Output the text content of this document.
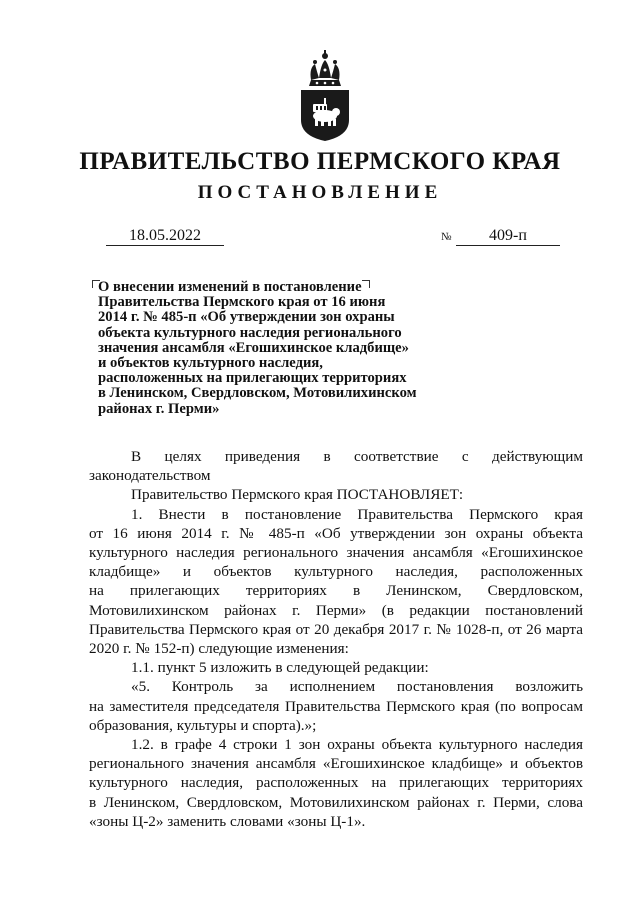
ПРАВИТЕЛЬСТВО ПЕРМСКОГО КРАЯ
ПОСТАНОВЛЕНИЕ
18.05.2022	№	409-п
О внесении изменений в постановление
Правительства Пермского края от 16 июня
2014 г. № 485-п «Об утверждении зон охраны
объекта культурного наследия регионального
значения ансамбля «Егошихинское кладбище»
и объектов культурного наследия,
расположенных на прилегающих территориях
в Ленинском, Свердловском, Мотовилихинском
районах г. Перми»
В целях приведения в соответствие с действующим
законодательством
Правительство Пермского края ПОСТАНОВЛЯЕТ:
1. Внести в постановление Правительства Пермского края
от 16 июня 2014 г. № 485-п «Об утверждении зон охраны объекта
культурного наследия регионального значения ансамбля «Егошихинское
кладбище» и объектов культурного наследия, расположенных
на прилегающих территориях в Ленинском, Свердловском,
Мотовилихинском районах г. Перми» (в редакции постановлений
Правительства Пермского края от 20 декабря 2017 г. № 1028-п, от 26 марта
2020 г. № 152-п) следующие изменения:
1.1. пункт 5 изложить в следующей редакции:
«5. Контроль за исполнением постановления возложить
на заместителя председателя Правительства Пермского края (по вопросам
образования, культуры и спорта).»;
1.2. в графе 4 строки 1 зон охраны объекта культурного наследия
регионального значения ансамбля «Егошихинское кладбище» и объектов
культурного наследия, расположенных на прилегающих территориях
в Ленинском, Свердловском, Мотовилихинском районах г. Перми, слова
«зоны Ц-2» заменить словами «зоны Ц-1».
